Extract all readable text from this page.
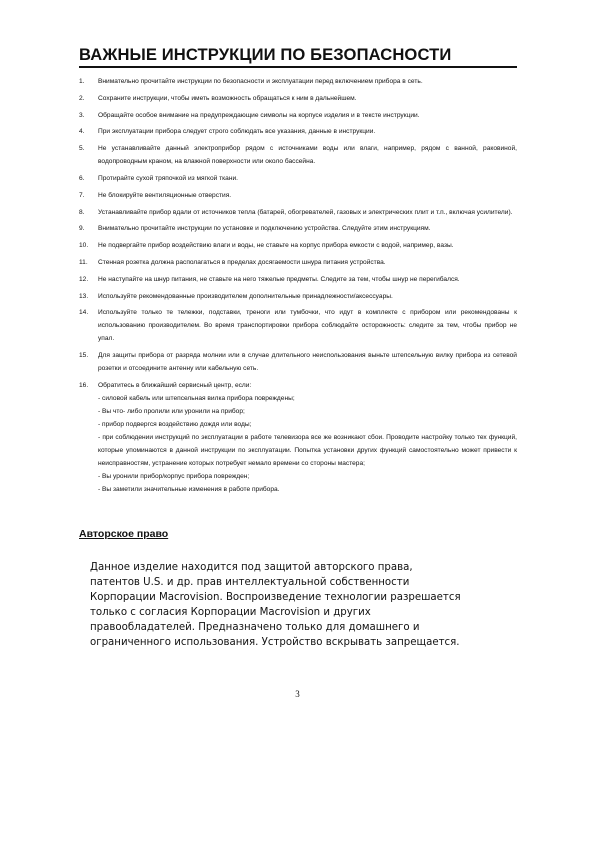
ВАЖНЫЕ ИНСТРУКЦИИ ПО БЕЗОПАСНОСТИ
1.	Внимательно прочитайте инструкции по безопасности и эксплуатации перед включением прибора в сеть.
2.	Сохраните инструкции, чтобы иметь возможность обращаться к ним в дальнейшем.
3.	Обращайте особое внимание на предупреждающие символы на корпусе изделия и в тексте инструкции.
4.	При эксплуатации прибора следует строго соблюдать все указания, данные в инструкции.
5.	Не устанавливайте данный электроприбор рядом с источниками воды или влаги, например, рядом с ванной, раковиной, водопроводным краном, на влажной поверхности или около бассейна.
6.	Протирайте сухой тряпочкой из мягкой ткани.
7.	Не блокируйте вентиляционные отверстия.
8.	Устанавливайте прибор вдали от источников тепла (батарей, обогревателей, газовых и электрических плит и т.п., включая усилители).
9.	Внимательно прочитайте инструкции по установке и подключению устройства. Следуйте этим инструкциям.
10.	Не подвергайте прибор воздействию влаги и воды, не ставьте на корпус прибора емкости с водой, например, вазы.
11.	Стенная розетка должна располагаться в пределах досягаемости шнура питания устройства.
12.	Не наступайте на шнур питания, не ставьте на него тяжелые предметы. Следите за тем, чтобы шнур не перегибался.
13.	Используйте рекомендованные производителем дополнительные принадлежности/аксессуары.
14.	Используйте только те тележки, подставки, треноги или тумбочки, что идут в комплекте с прибором или рекомендованы к использованию производителем. Во время транспортировки прибора соблюдайте осторожность: следите за тем, чтобы прибор не упал.
15.	Для защиты прибора от разряда молнии или в случае длительного неиспользования выньте штепсельную вилку прибора из сетевой розетки и отсоедините антенну или кабельную сеть.
16.	Обратитесь в ближайший сервисный центр, если:
- силовой кабель или штепсельная вилка прибора повреждены;
- Вы что- либо пролили или уронили на прибор;
- прибор подвергся воздействию дождя или воды;
- при соблюдении инструкций по эксплуатации в работе телевизора все же возникают сбои. Проводите настройку только тех функций, которые упоминаются в данной инструкции по эксплуатации. Попытка установки других функций самостоятельно может привести к неисправностям, устранение которых потребует немало времени со стороны мастера;
- Вы уронили прибор/корпус прибора поврежден;
- Вы заметили значительные изменения в работе прибора.
Авторское право
Данное изделие находится под защитой авторского права,
патентов U.S. и др. прав интеллектуальной собственности
Корпорации Macrovision. Воспроизведение технологии разрешается
только с согласия Корпорации Macrovision и других
правообладателей. Предназначено только для домашнего и
ограниченного использования. Устройство вскрывать запрещается.
3
